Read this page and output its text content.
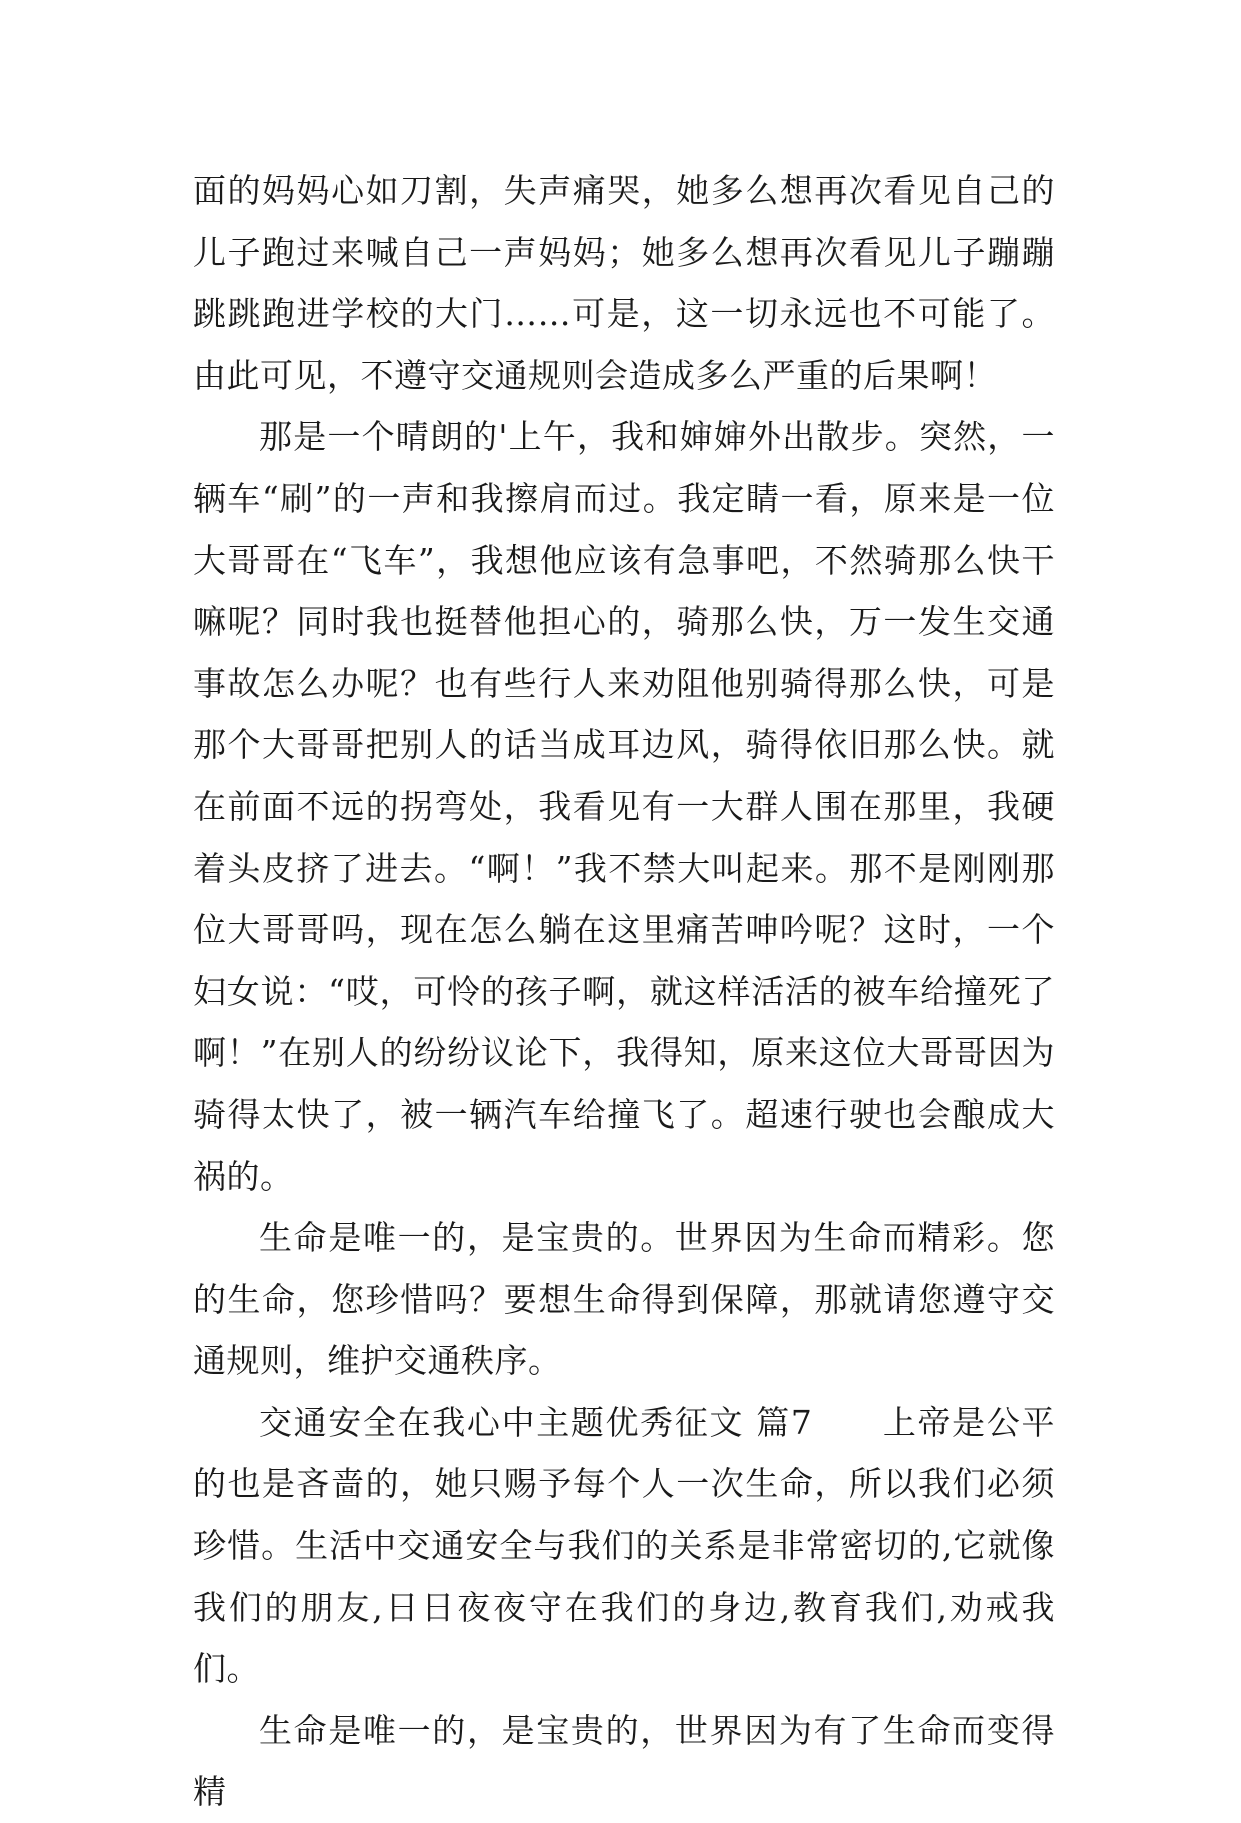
面的妈妈心如刀割，失声痛哭，她多么想再次看见自己的儿子跑过来喊自己一声妈妈；她多么想再次看见儿子蹦蹦跳跳跑进学校的大门……可是，这一切永远也不可能了。由此可见，不遵守交通规则会造成多么严重的后果啊！

那是一个晴朗的'上午，我和婶婶外出散步。突然，一辆车“刷”的一声和我擦肩而过。我定睛一看，原来是一位大哥哥在“飞车”，我想他应该有急事吧，不然骑那么快干嘛呢？同时我也挺替他担心的，骑那么快，万一发生交通事故怎么办呢？也有些行人来劝阻他别骑得那么快，可是那个大哥哥把别人的话当成耳边风，骑得依旧那么快。就在前面不远的拐弯处，我看见有一大群人围在那里，我硬着头皮挤了进去。“啊！”我不禁大叫起来。那不是刚刚那位大哥哥吗，现在怎么躺在这里痛苦呻吟呢？这时，一个妇女说：“哎，可怜的孩子啊，就这样活活的被车给撞死了啊！”在别人的纷纷议论下，我得知，原来这位大哥哥因为骑得太快了，被一辆汽车给撞飞了。超速行驶也会酿成大祸的。

生命是唯一的，是宝贵的。世界因为生命而精彩。您的生命，您珍惜吗？要想生命得到保障，那就请您遵守交通规则，维护交通秩序。

交通安全在我心中主题优秀征文 篇7　　上帝是公平的也是吝啬的，她只赐予每个人一次生命，所以我们必须珍惜。生活中交通安全与我们的关系是非常密切的,它就像我们的朋友,日日夜夜守在我们的身边,教育我们,劝戒我们。

生命是唯一的，是宝贵的，世界因为有了生命而变得精
